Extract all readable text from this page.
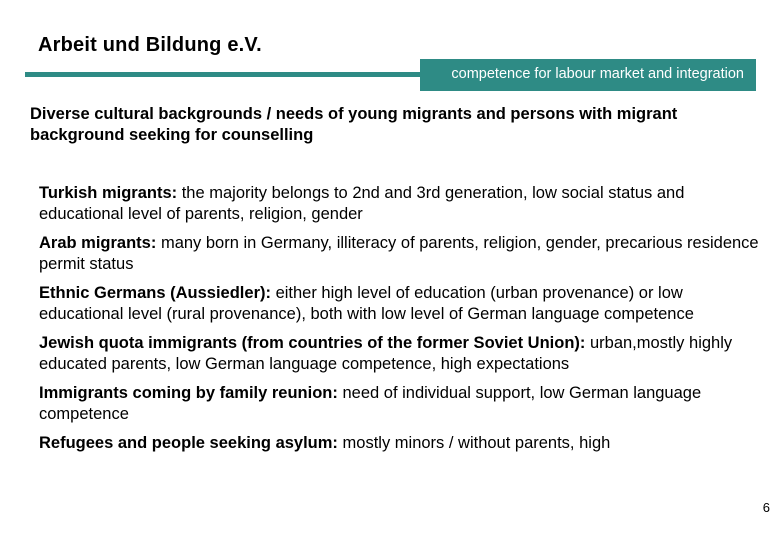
Arbeit und Bildung e.V.
competence for labour market and integration
Diverse cultural backgrounds / needs of young migrants and persons with migrant background seeking for counselling
Turkish migrants: the majority belongs to 2nd and 3rd generation, low social status and educational level of parents, religion, gender
Arab migrants: many born in Germany, illiteracy of parents, religion, gender, precarious residence permit status
Ethnic Germans (Aussiedler): either high level of education (urban provenance) or low educational level (rural provenance), both with low level of German language competence
Jewish quota immigrants (from countries of the former Soviet Union): urban,mostly highly educated parents, low German language competence, high expectations
Immigrants coming by family reunion: need of individual support, low German language competence
Refugees and people seeking asylum: mostly minors / without parents, high
6
